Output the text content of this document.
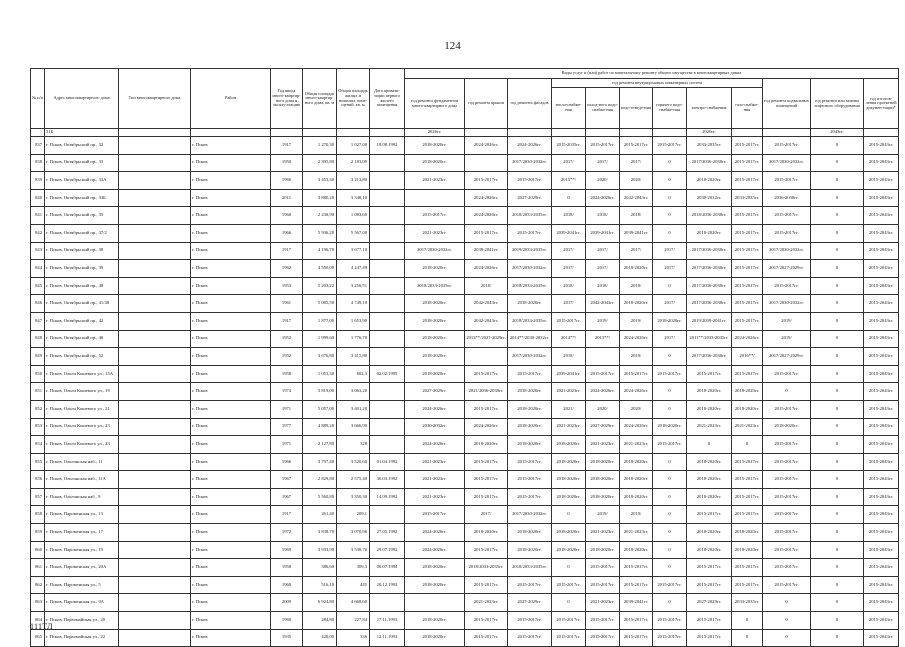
124
№ п/п	Адрес многоквартирного дома	Тип многоквартирного дома	Район	Год ввода много-квартир-ного дома в эксплу-атацию	Общая площадь много-квартир-ного дома, кв. м	Общая площадь жилых и нежилых поме-щений, кв. м	Дата привати-зации первого жилого помещения	Виды услуг и (или) работ по капитальному ремонту общего имущества в многоквартирных домах											
								год ремонта фундаментов много-квартирного дома	год ремонта крыши	год ремонта фасадов	год ремонта внутридомовых инженерных систем						год ремонта подвальных помещений	год ремонта или замены лифтового оборудования	год изготов-ления проектной докумен-тации*
											тепло-снабже-ния	холод-ного водо-снабже-ния	водо-отведе-ния	горячего водо-снабже-ния	электро-снабжения	газо-снабже-ния			
	31Б							2026гг.							2020гг.			2043гг.	
837	г. Псков, Октябрьский пр., 32		г. Псков	1917	1 270,30	1 027,00	18.08.1992	2018-2020гг.	2024-2026гг.	2024-2026гг.	2015-2035гг.	2015-2017гг.	2015-2017гг.	2015-2017гг.	2033-2035гг.	2015-2017гг.	2015-2017гг.	0	2015-2043гг.
838	г. Псков, Октябрьский пр., 33		г. Псков	1950	2 395,80	2 183,09		2018-2020гг.		2017/2030-2032гг.	2017/	2017/	2017/	0	2017/2036-2038гг.	2015-2017гг.	2017/2030-2032гг.	0	2015-2043гг.
839	г. Псков, Октябрьский пр., 33А		г. Псков	1966	3 453,30	3 213,80		2021-2023гг.	2015-2017гг.	2015-2017гг.	2015**/	2020/	2020/	0	2018-2020гг.	2015-2017гг.	2015-2017гг.	0	2015-2043гг.
840	г. Псков, Октябрьский пр., 33Б		г. Псков	2011	3 880,20	3 348,10			2024-2026гг.	2027-2029гг.	0	2024-2026гг.	2042-2043гг.	0	2030-2032гг.	2033-2035гг.	2036-2038гг.	0	2015-2043гг.
841	г. Псков, Октябрьский пр., 35		г. Псков	1960	2 238,90	1 083,60		2015-2017гг.	2024-2026гг.	2018/2033-2035гг.	2018/	2018/	2018/	0	2018/2036-2038гг.	2015-2017гг.	2015-2017гг.	0	2015-2043гг.
842	г. Псков, Октябрьский пр., 37/2		г. Псков	1966	5 936,20	5 567,00		2021-2023гг.	2015-2017гг.	2015-2017гг.	2039-2041гг.	2039-2041гг.	2039-2041гг.	0	2018-2020гг.	2015-2017гг.	2015-2017гг.	0	2015-2043гг.
843	г. Псков, Октябрьский пр., 38		г. Псков	1917	4 196,70	3 677,10		2017/2030-2032гг.	2039-2041гг.	2019/2033-2035гг.	2017/	2017/	2017/	2017/	2017/2036-2038гг.	2015-2017гг.	2017/2030-2032гг.	0	2015-2043гг.
844	г. Псков, Октябрьский пр., 39		г. Псков	1962	4 550,09	4 247,49		2018-2020гг.	2024-2026гг.	2017/2030-2032гг.	2017/	2017/	2018-2020гг.	2017/	2017/2036-2038гг.	2015-2017гг.	2017/2027-2029гг.	0	2015-2043гг.
845	г. Псков, Октябрьский пр., 40		г. Псков	1953	5 203,22	3 256,51		2018/2033-2035гг.	2018/	2018/2033-2035гг.	2018/	2018/	2018/	0	2017/2036-2038гг.	2015-2017гг.	2015-2017гг.	0	2015-2043гг.
846	г. Псков, Октябрьский пр., 41/48		г. Псков	1961	5 085,50	4 749,10		2018-2020гг.	2042-2043гг.	2018-2020гг.	2017/	2042-2043гг.	2018-2020гг.	2017/	2017/2036-2038гг.	2015-2017гг.	2017/2030-2032гг.	0	2015-2043гг.
847	г. Псков, Октябрьский пр., 42		г. Псков	1917	1 877,00	1 653,90		2018-2020гг.	2042-2043гг.	2018/2033-2035гг.	2015-2017гг.	2019/	2019/	2018-2020гг.	2019/2039-2041гг.	2015-2017гг.	2019/	0	2015-2043гг.
848	г. Псков, Октябрьский пр., 46		г. Псков	1952	1 999,60	1 776,70		2018-2020гг.	2013**/2027-2029гг.	2014**/2030-2032гг.	2014**/	2013**/	2024-2026гг.	2017/	2011**/2033-2035гг.	2024-2026гг.	2019/	0	2015-2043гг.
849	г. Псков, Октябрьский пр., 52		г. Псков	1952	3 676,80	3 415,80		2018-2020гг.		2017/2030-2032гг.	2018/		2019/	0	2017/2036-2038гг.	2016**/	2017/2027-2029гг.	0	2015-2043гг.
850	г. Псков, Ольги Кошевого ул., 15А		г. Псков	1958	1 053,30	602,3	02.02.1995	2018-2020гг.	2015-2017гг.	2015-2017гг.	2039-2041гг.	2015-2017гг.	2015-2017гг.	2015-2017гг.	2015-2017гг.	2015-2017гг.	2015-2017гг.	0	2015-2043гг.
851	г. Псков, Ольги Кошевого ул., 19		г. Псков	1974	3 819,00	3 063,20		2027-2029гг.	2021/2036-2038гг.	2018-2020гг.	2021-2023гг.	2024-2026гг.	2024-2026гг.	0	2018-2020гг.	2018-2020гг.	0	0	2015-2043гг.
852	г. Псков, Ольги Кошевого ул., 21		г. Псков	1971	5 057,00	3 401,20		2024-2026гг.	2015-2017гг.	2018-2020гг.	2021/	2020/	2020/	0	2018-2020гг.	2018-2020гг.	2015-2017гг.	0	2015-2043гг.
853	г. Псков, Ольги Кошевого ул., 23		г. Псков	1977	4 889,20	3 666,90		2030-2032гг.	2024-2026гг.	2018-2020гг.	2021-2023гг.	2027-2029гг.	2024-2026гг.	2018-2020гг.	2021-2023гг.	2021-2023гг.	2018-2020гг.	0	2015-2043гг.
854	г. Псков, Ольги Кошевого ул., 23		г. Псков	1971	2 127,80	328		2024-2026гг.	2018-2020гг.	2018-2020гг.	2018-2020гг.	2021-2023гг.	2021-2023гг.	2015-2017гг.	0	0	2015-2017гг.	0	2015-2043гг.
855	г. Псков, Ольгинская наб., 11		г. Псков	1966	3 797,40	3 520,60	01.04.1992	2021-2023гг.	2015-2017гг.	2015-2017гг.	2018-2020гг.	2018-2020гг.	2018-2020гг.	0	2018-2020гг.	2015-2017гг.	2015-2017гг.	0	2015-2043гг.
856	г. Псков, Ольгинская наб., 11А		г. Псков	1967	2 829,80	2 575,40	30.03.1992	2021-2023гг.	2015-2017гг.	2015-2017гг.	2018-2020гг.	2018-2020гг.	2018-2020гг.	0	2018-2020гг.	2015-2017гг.	2015-2017гг.	0	2015-2043гг.
857	г. Псков, Ольгинская наб., 9		г. Псков	1967	5 560,80	3 350,30	14.09.1992	2021-2023гг.	2015-2017гг.	2015-2017гг.	2018-2020гг.	2018-2020гг.	2018-2020гг.	0	2018-2020гг.	2015-2017гг.	2015-2017гг.	0	2015-2043гг.
858	г. Псков, Пароменская ул., 13		г. Псков	1917	261,40	209,1		2015-2017гг.	2017/	2017/2030-2032гг.	0	2019/	2019/	0	2015-2017гг.	2015-2017гг.	2015-2017гг.	0	2015-2043гг.
859	г. Псков, Пароменская ул., 17		г. Псков	1972	3 838,70	3 070,96	27.05.1992	2024-2026гг.	2018-2020гг.	2018-2020гг.	2018-2020гг.	2021-2023гг.	2021-2023гг.	0	2018-2020гг.	2018-2020гг.	2015-2017гг.	0	2015-2043гг.
860	г. Псков, Пароменская ул., 19		г. Псков	1969	3 933,90	3 538,70	29.07.1992	2024-2026гг.	2015-2017гг.	2018-2020гг.	2018-2020гг.	2018-2020гг.	2018-2020гг.	0	2018-2020гг.	2018-2020гг.	2015-2017гг.	0	2015-2043гг.
861	г. Псков, Пароменская ул., 20А		г. Псков	1958	386,60	309,3	06.07.1994	2018-2020гг.	2018/2033-2035гг.	2018/2033-2035гг.	0	2015-2017гг.	2015-2017гг.	0	2015-2017гг.	2015-2017гг.	2015-2017гг.	0	2015-2043гг.
862	г. Псков, Пароменская ул., 5		г. Псков	1960	516,10	445	20.12.1993	2018-2020гг.	2015-2017гг.	2015-2017гг.	2015-2017гг.	2015-2017гг.	2015-2017гг.	2015-2017гг.	2015-2017гг.	2015-2017гг.	2015-2017гг.	0	2015-2043гг.
863	г. Псков, Пароменская ул., 9А		г. Псков	2009	6 924,80	4 668,60			2021-2023гг.	2027-2029гг.	0	2021-2023гг.	2039-2041гг.	0	2027-2029гг.	2033-2035гг.	0	0	2015-2043гг.
864	г. Псков, Первомайская ул., 20		г. Псков	1960	284,80	227,84	17.11.1993	2018-2020гг.	2015-2017гг.	2015-2017гг.	2015-2017гг.	2015-2017гг.	2015-2017гг.	2015-2017гг.	2015-2017гг.	0	0	0	2015-2043гг.
865	г. Псков, Первомайская ул., 22		г. Псков	1935	420,00	336	12.11.1993	2018-2020гг.	2015-2017гг.	2015-2017гг.	2015-2017гг.	2015-2017гг.	2015-2017гг.	2015-2017гг.	2015-2017гг.	0	0	0	2015-2043гг.
111ТЛ
